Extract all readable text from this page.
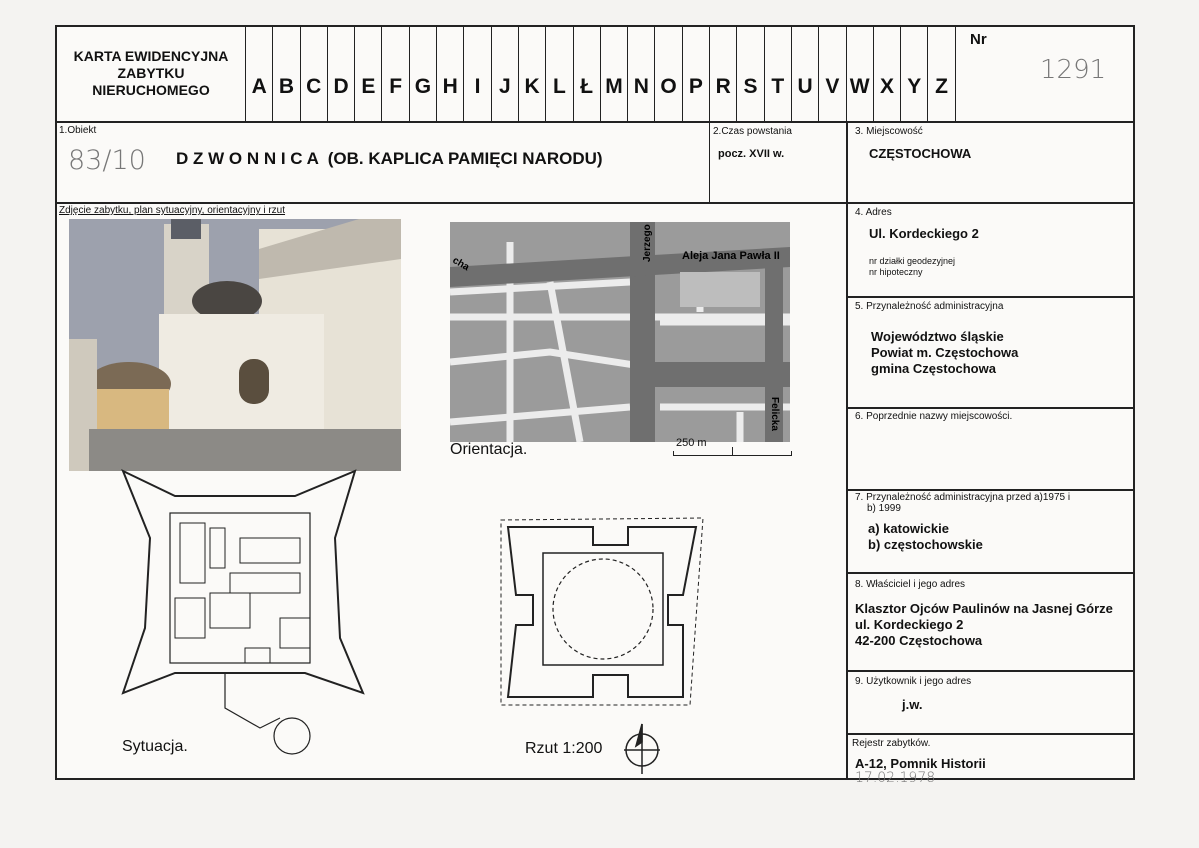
KARTA EWIDENCYJNA
ZABYTKU
NIERUCHOMEGO	A B C D E F G H I J K L Ł M N O P R S T U V W X Y Z
Nr
1291
1.Obiekt
83/10 D Z W O N N I C A  (OB. KAPLICA PAMIĘCI NARODU)
2.Czas powstania
pocz. XVII w.
3. Miejscowość
CZĘSTOCHOWA
Zdjęcie zabytku, plan sytuacyjny, orientacyjny i rzut
Aleja Jana Pawła II
Jerzego
Felicka
cha
Orientacja.	250 m
Sytuacja.	Rzut 1:200
4. Adres
Ul. Kordeckiego 2
nr działki geodezyjnej
nr hipoteczny
5. Przynależność administracyjna
Województwo śląskie
Powiat m. Częstochowa
gmina Częstochowa
6. Poprzednie nazwy miejscowości.
7. Przynależność administracyjna przed a)1975 i
b) 1999
a) katowickie
b) częstochowskie
8. Właściciel i jego adres
Klasztor Ojców Paulinów na Jasnej Górze
ul. Kordeckiego 2
42-200 Częstochowa
9. Użytkownik i jego adres
j.w.
Rejestr zabytków.
A-12, Pomnik Historii
17.02.1978
